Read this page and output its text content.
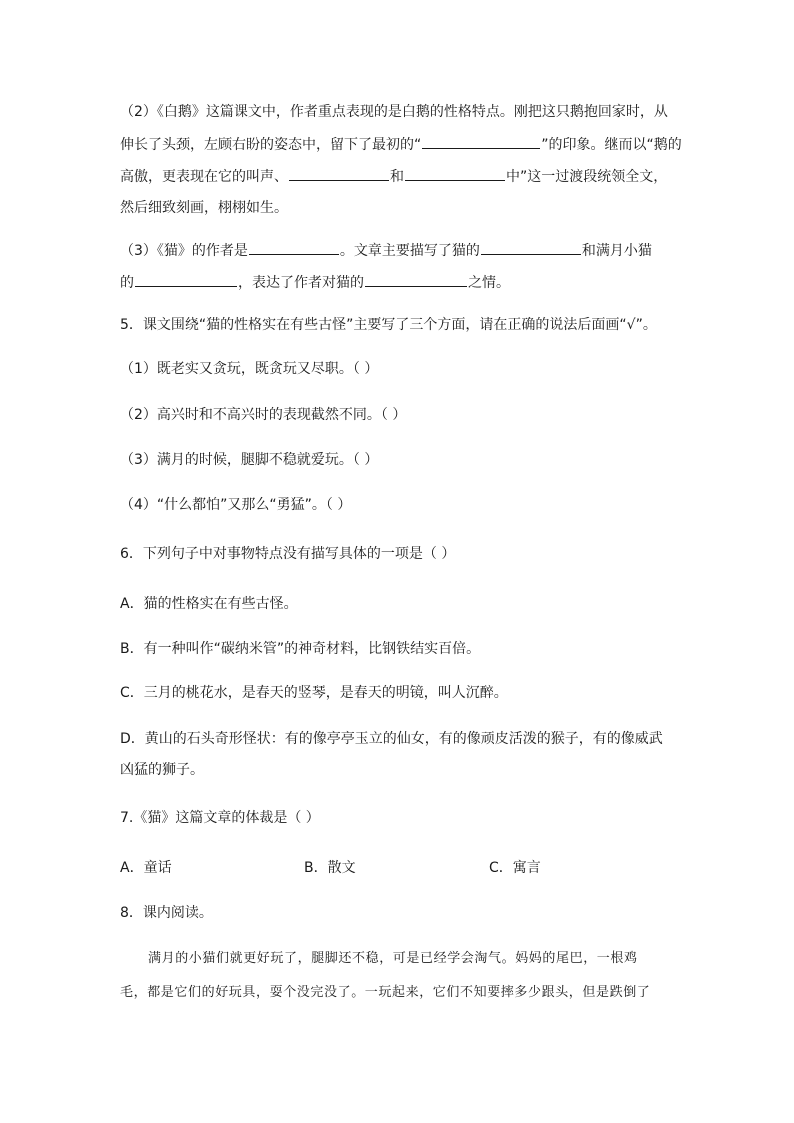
（2）《白鹅》这篇课文中，作者重点表现的是白鹅的性格特点。刚把这只鹅抱回家时，从
伸长了头颈，左顾右盼的姿态中，留下了最初的“	”的印象。继而以“鹅的
高傲，更表现在它的叫声、	和	中”这一过渡段统领全文，
然后细致刻画，栩栩如生。
（3）《猫》的作者是	。文章主要描写了猫的	和满月小猫
的	，表达了作者对猫的	之情。
5．课文围绕“猫的性格实在有些古怪”主要写了三个方面，请在正确的说法后面画“√”。
（1）既老实又贪玩，既贪玩又尽职。（ ）
（2）高兴时和不高兴时的表现截然不同。（ ）
（3）满月的时候，腿脚不稳就爱玩。（ ）
（4）“什么都怕”又那么“勇猛”。（ ）
6．下列句子中对事物特点没有描写具体的一项是（ ）
A．猫的性格实在有些古怪。
B．有一种叫作“碳纳米管”的神奇材料，比钢铁结实百倍。
C．三月的桃花水，是春天的竖琴，是春天的明镜，叫人沉醉。
D．黄山的石头奇形怪状：有的像亭亭玉立的仙女，有的像顽皮活泼的猴子，有的像威武
凶猛的狮子。
7.《猫》这篇文章的体裁是（ ）
A．童话	B．散文	C．寓言
8．课内阅读。
满月的小猫们就更好玩了，腿脚还不稳，可是已经学会淘气。妈妈的尾巴，一根鸡
毛，都是它们的好玩具，耍个没完没了。一玩起来，它们不知要摔多少跟头，但是跌倒了
